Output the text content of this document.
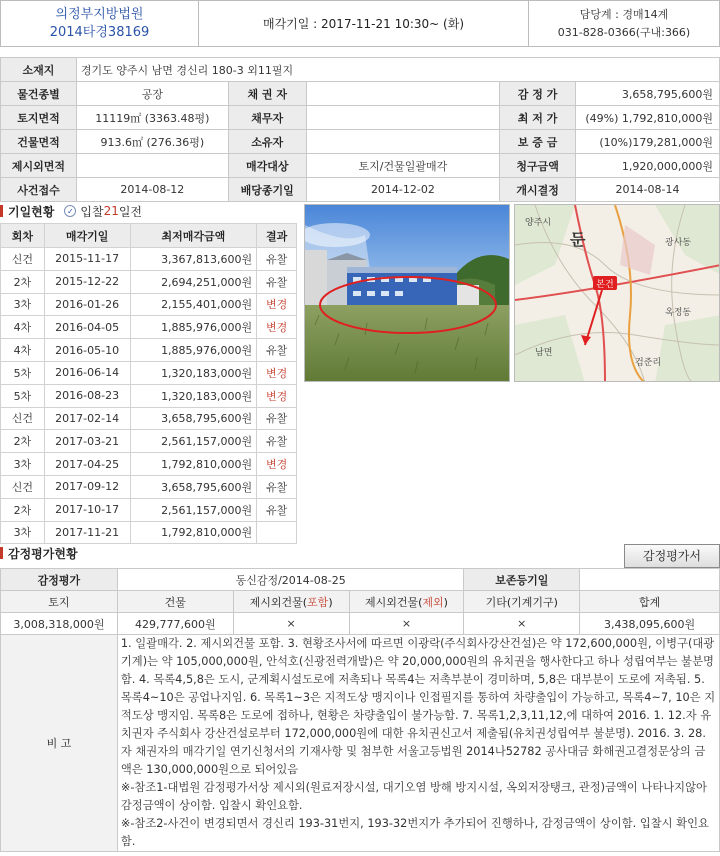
의정부지방법원
2014타경38169
매각기일 : 2017-11-21 10:30~ (화)
담당계 : 경매14계
031-828-0366(구내:366)
소재지	경기도 양주시 남면 경신리 180-3 외11필지				
물건종별	공장	채 권 자		감 정 가	3,658,795,600원
토지면적	11119㎡ (3363.48평)	채무자		최 저 가	(49%) 1,792,810,000원
건물면적	913.6㎡ (276.36평)	소유자		보 증 금	(10%)179,281,000원
제시외면적		매각대상	토지/건물일괄매각	청구금액	1,920,000,000원
사건접수	2014-08-12	배당종기일	2014-12-02	개시결정	2014-08-14
기일현황	✓ 입찰 21 일전
회차	매각기일	최저매각금액	결과
신건	2015-11-17	3,367,813,600원	유찰
2차	2015-12-22	2,694,251,000원	유찰
3차	2016-01-26	2,155,401,000원	변경
4차	2016-04-05	1,885,976,000원	변경
4차	2016-05-10	1,885,976,000원	유찰
5차	2016-06-14	1,320,183,000원	변경
5차	2016-08-23	1,320,183,000원	변경
신건	2017-02-14	3,658,795,600원	유찰
2차	2017-03-21	2,561,157,000원	유찰
3차	2017-04-25	1,792,810,000원	변경
신건	2017-09-12	3,658,795,600원	유찰
2차	2017-10-17	2,561,157,000원	유찰
3차	2017-11-21	1,792,810,000원	
양주시
둔	광사동
옥정동
검준리
남면
본건
감정평가현황	감정평가서
감정평가	동신감정/2014-08-25			보존등기일	
토지	건물	제시외건물(포함)	제시외건물(제외)	기타(기계기구)	합계
3,008,318,000원	429,777,600원	×	×	×	3,438,095,600원
비 고	1. 일괄매각. 2. 제시외건물 포함. 3. 현황조사서에 따르면 이광락(주식회사강산건설)은 약 172,600,000원, 이병구(대광기계)는 약 105,000,000원, 안석호(신광전력개발)은 약 20,000,000원의 유치권을 행사한다고 하나 성립여부는 불분명함. 4. 목록4,5,8은 도시, 군계획시설도로에 저촉되나 목록4는 저촉부분이 경미하며, 5,8은 대부분이 도로에 저촉됨. 5. 목록4~10은 공업나지임. 6. 목록1~3은 지적도상 맹지이나 인접필지를 통하여 차량출입이 가능하고, 목록4~7, 10은 지적도상 맹지임. 목록8은 도로에 접하나, 현황은 차량출입이 불가능함. 7. 목록1,2,3,11,12,에 대하여 2016. 1. 12.자 유치권자 주식회사 강산건설로부터 172,000,000원에 대한 유치권신고서 제출됨(유치권성립여부 불분명). 2016. 3. 28.자 채권자의 매각기일 연기신청서의 기재사항 및 첨부한 서울고등법원 2014나52782 공사대금 화해권고결정문상의 금액은 130,000,000원으로 되어있음
※-참조1-대법원 감정평가서상 제시외(원료저장시설, 대기오염 방해 방지시설, 옥외저장탱크, 관정)금액이 나타나지않아 감정금액이 상이함. 입찰시 확인요함.
※-참조2-사건이 변경되면서 경신리 193-31번지, 193-32번지가 추가되어 진행하나, 감정금액이 상이함. 입찰시 확인요함.				
